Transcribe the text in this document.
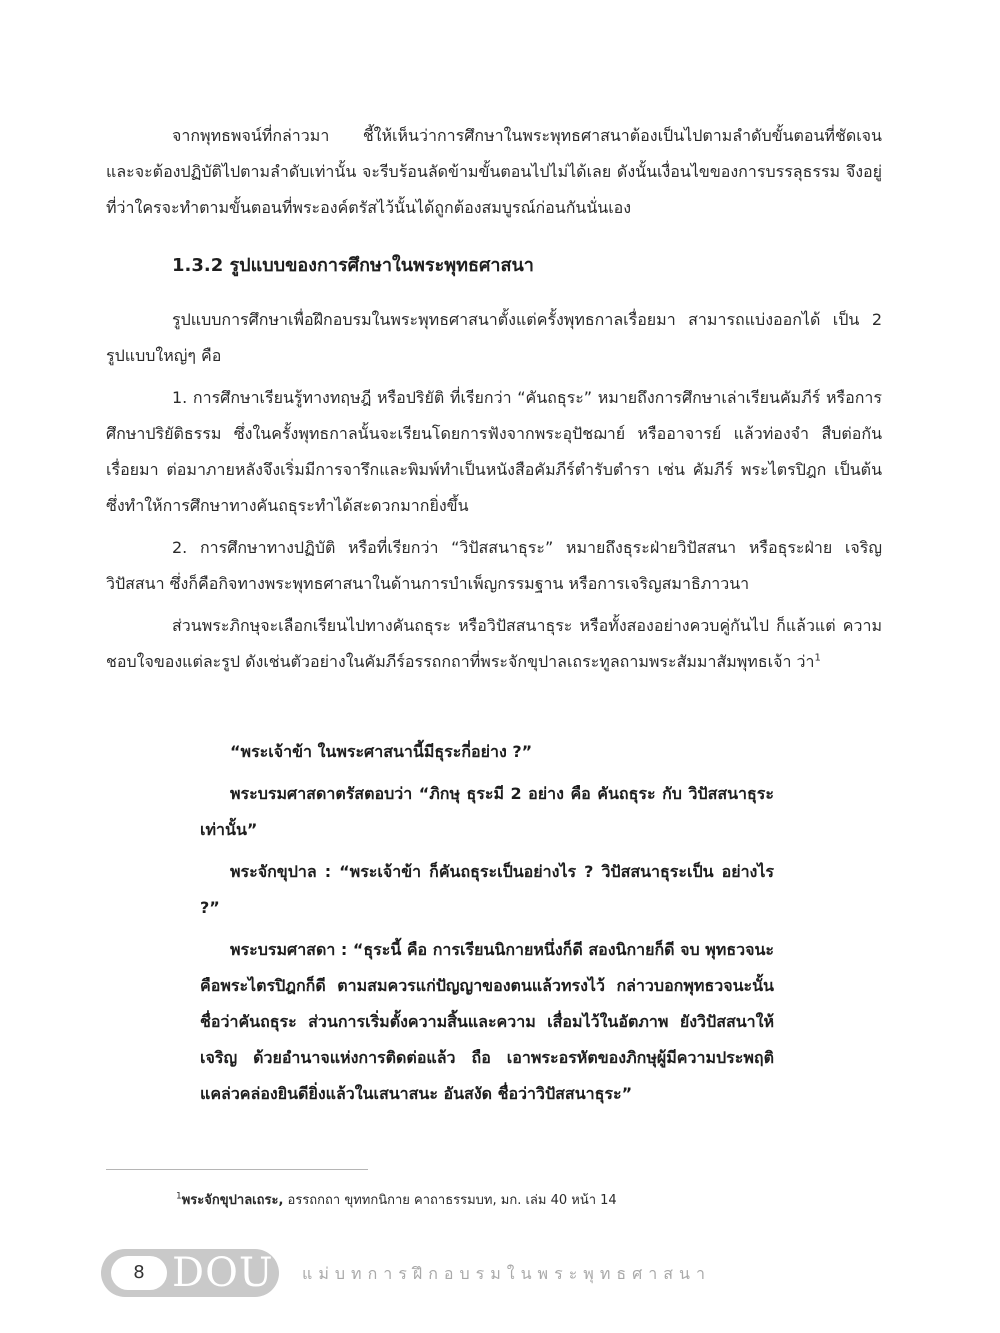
จากพุทธพจน์ที่กล่าวมา ชี้ให้เห็นว่าการศึกษาในพระพุทธศาสนาต้องเป็นไปตามลำดับขั้นตอนที่ชัดเจน และจะต้องปฏิบัติไปตามลำดับเท่านั้น จะรีบร้อนลัดข้ามขั้นตอนไปไม่ได้เลย ดังนั้นเงื่อนไขของการบรรลุธรรม จึงอยู่ที่ว่าใครจะทำตามขั้นตอนที่พระองค์ตรัสไว้นั้นได้ถูกต้องสมบูรณ์ก่อนกันนั่นเอง

1.3.2 รูปแบบของการศึกษาในพระพุทธศาสนา

รูปแบบการศึกษาเพื่อฝึกอบรมในพระพุทธศาสนาตั้งแต่ครั้งพุทธกาลเรื่อยมา สามารถแบ่งออกได้ เป็น 2 รูปแบบใหญ่ๆ คือ

1. การศึกษาเรียนรู้ทางทฤษฎี หรือปริยัติ ที่เรียกว่า “คันถธุระ” หมายถึงการศึกษาเล่าเรียนคัมภีร์ หรือการศึกษาปริยัติธรรม ซึ่งในครั้งพุทธกาลนั้นจะเรียนโดยการฟังจากพระอุปัชฌาย์ หรืออาจารย์ แล้วท่องจำ สืบต่อกันเรื่อยมา ต่อมาภายหลังจึงเริ่มมีการจารึกและพิมพ์ทำเป็นหนังสือคัมภีร์ตำรับตำรา เช่น คัมภีร์ พระไตรปิฎก เป็นต้น ซึ่งทำให้การศึกษาทางคันถธุระทำได้สะดวกมากยิ่งขึ้น

2. การศึกษาทางปฏิบัติ หรือที่เรียกว่า “วิปัสสนาธุระ” หมายถึงธุระฝ่ายวิปัสสนา หรือธุระฝ่าย เจริญวิปัสสนา ซึ่งก็คือกิจทางพระพุทธศาสนาในด้านการบำเพ็ญกรรมฐาน หรือการเจริญสมาธิภาวนา

ส่วนพระภิกษุจะเลือกเรียนไปทางคันถธุระ หรือวิปัสสนาธุระ หรือทั้งสองอย่างควบคู่กันไป ก็แล้วแต่ ความชอบใจของแต่ละรูป ดังเช่นตัวอย่างในคัมภีร์อรรถกถาที่พระจักขุปาลเถระทูลถามพระสัมมาสัมพุทธเจ้า ว่า$^1$

“พระเจ้าข้า ในพระศาสนานี้มีธุระกี่อย่าง ?”

พระบรมศาสดาตรัสตอบว่า “ภิกษุ ธุระมี 2 อย่าง คือ คันถธุระ กับ วิปัสสนาธุระ เท่านั้น”

พระจักขุปาล : “พระเจ้าข้า ก็คันถธุระเป็นอย่างไร ? วิปัสสนาธุระเป็น อย่างไร ?”

พระบรมศาสดา : “ธุระนี้ คือ การเรียนนิกายหนึ่งก็ดี สองนิกายก็ดี จบ พุทธวจนะคือพระไตรปิฎกก็ดี ตามสมควรแก่ปัญญาของตนแล้วทรงไว้ กล่าวบอกพุทธวจนะนั้น ชื่อว่าคันถธุระ ส่วนการเริ่มตั้งความสิ้นและความ เสื่อมไว้ในอัตภาพ ยังวิปัสสนาให้เจริญ ด้วยอำนาจแห่งการติดต่อแล้ว ถือ เอาพระอรหัตของภิกษุผู้มีความประพฤติแคล่วคล่องยินดียิ่งแล้วในเสนาสนะ อันสงัด ชื่อว่าวิปัสสนาธุระ”

$^1$พระจักขุปาลเถระ, อรรถกถา ขุททกนิกาย คาถาธรรมบท, มก. เล่ม 40 หน้า 14
8 DOU แม่บทการฝึกอบรมในพระพุทธศาสนา
